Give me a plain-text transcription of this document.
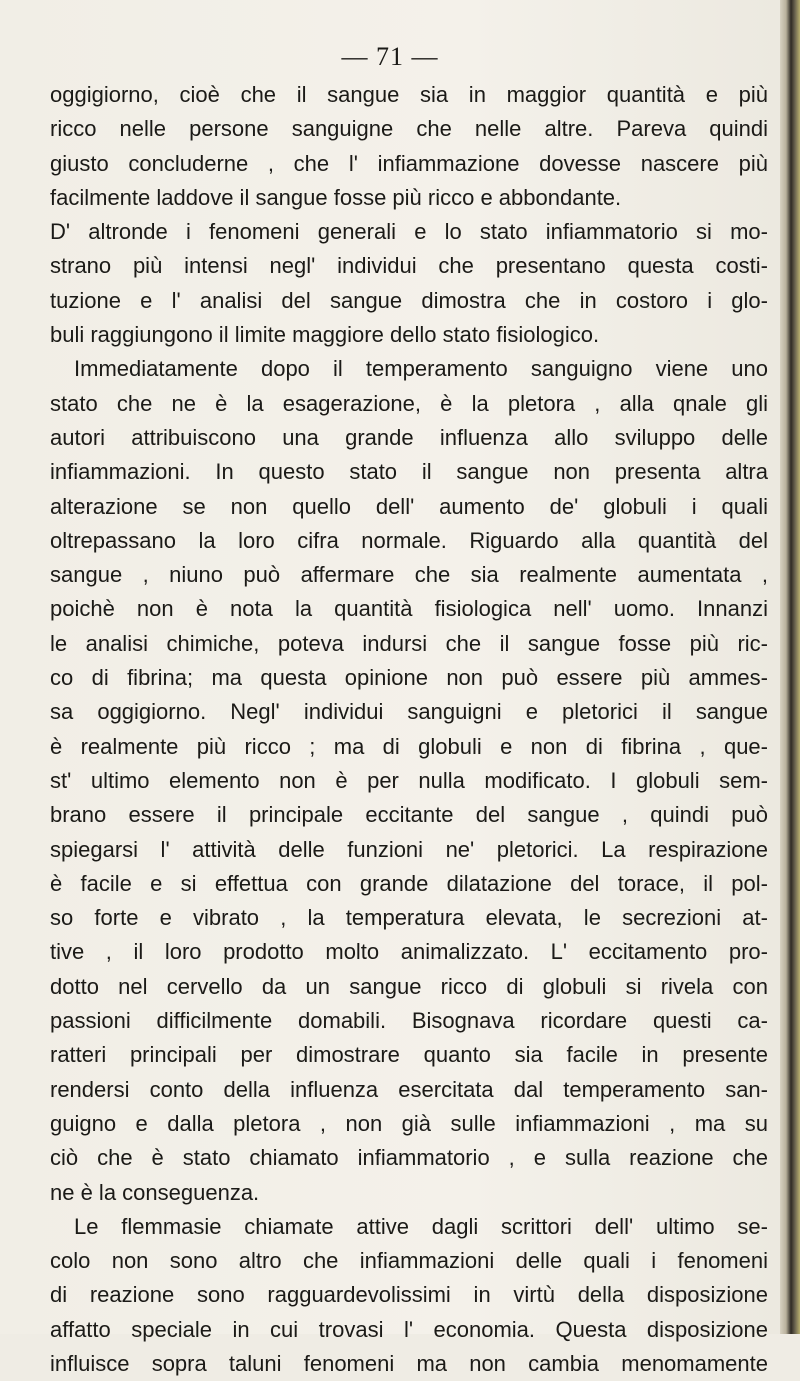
— 71 —
oggigiorno, cioè che il sangue sia in maggior quantità e più
ricco nelle persone sanguigne che nelle altre. Pareva quindi
giusto concluderne , che l' infiammazione dovesse nascere più
facilmente laddove il sangue fosse più ricco e abbondante.
D' altronde i fenomeni generali e lo stato infiammatorio si mo-
strano più intensi negl' individui che presentano questa costi-
tuzione e l' analisi del sangue dimostra che in costoro i glo-
buli raggiungono il limite maggiore dello stato fisiologico.
Immediatamente dopo il temperamento sanguigno viene uno
stato che ne è la esagerazione, è la pletora , alla qnale gli
autori attribuiscono una grande influenza allo sviluppo delle
infiammazioni. In questo stato il sangue non presenta altra
alterazione se non quello dell' aumento de' globuli i quali
oltrepassano la loro cifra normale. Riguardo alla quantità del
sangue , niuno può affermare che sia realmente aumentata ,
poichè non è nota la quantità fisiologica nell' uomo. Innanzi
le analisi chimiche, poteva indursi che il sangue fosse più ric-
co di fibrina; ma questa opinione non può essere più ammes-
sa oggigiorno. Negl' individui sanguigni e pletorici il sangue
è realmente più ricco ; ma di globuli e non di fibrina , que-
st' ultimo elemento non è per nulla modificato. I globuli sem-
brano essere il principale eccitante del sangue , quindi può
spiegarsi l' attività delle funzioni ne' pletorici. La respirazione
è facile e si effettua con grande dilatazione del torace, il pol-
so forte e vibrato , la temperatura elevata, le secrezioni at-
tive , il loro prodotto molto animalizzato. L' eccitamento pro-
dotto nel cervello da un sangue ricco di globuli si rivela con
passioni difficilmente domabili. Bisognava ricordare questi ca-
ratteri principali per dimostrare quanto sia facile in presente
rendersi conto della influenza esercitata dal temperamento san-
guigno e dalla pletora , non già sulle infiammazioni , ma su
ciò che è stato chiamato infiammatorio , e sulla reazione che
ne è la conseguenza.
Le flemmasie chiamate attive dagli scrittori dell' ultimo se-
colo non sono altro che infiammazioni delle quali i fenomeni
di reazione sono ragguardevolissimi in virtù della disposizione
affatto speciale in cui trovasi l' economia. Questa disposizione
influisce sopra taluni fenomeni ma non cambia menomamente
